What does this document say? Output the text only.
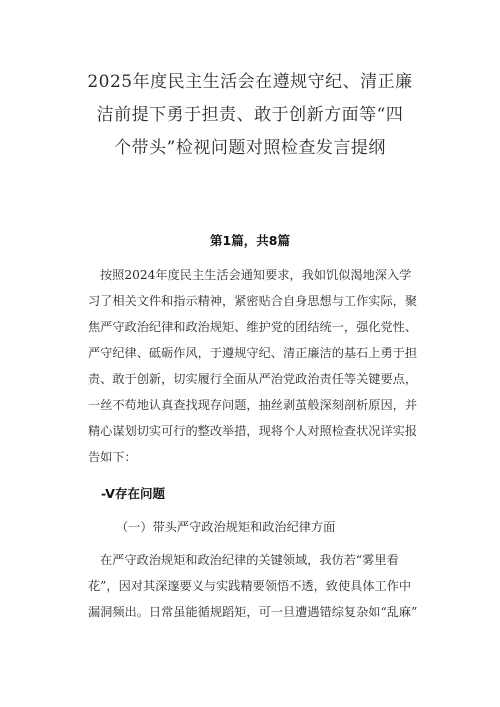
2025年度民主生活会在遵规守纪、清正廉
洁前提下勇于担责、敢于创新方面等“四
个带头”检视问题对照检查发言提纲
第1篇，共8篇
按照2024年度民主生活会通知要求，我如饥似渴地深入学
习了相关文件和指示精神，紧密贴合自身思想与工作实际，聚
焦严守政治纪律和政治规矩、维护党的团结统一，强化党性、
严守纪律、砥砺作风，于遵规守纪、清正廉洁的基石上勇于担
责、敢于创新，切实履行全面从严治党政治责任等关键要点，
一丝不苟地认真查找现存问题，抽丝剥茧般深刻剖析原因，并
精心谋划切实可行的整改举措，现将个人对照检查状况详实报
告如下：
-V存在问题
（一）带头严守政治规矩和政治纪律方面
在严守政治规矩和政治纪律的关键领域，我仿若“雾里看
花”，因对其深邃要义与实践精要领悟不透，致使具体工作中
漏洞频出。日常虽能循规蹈矩，可一旦遭遇错综复杂如“乱麻”
